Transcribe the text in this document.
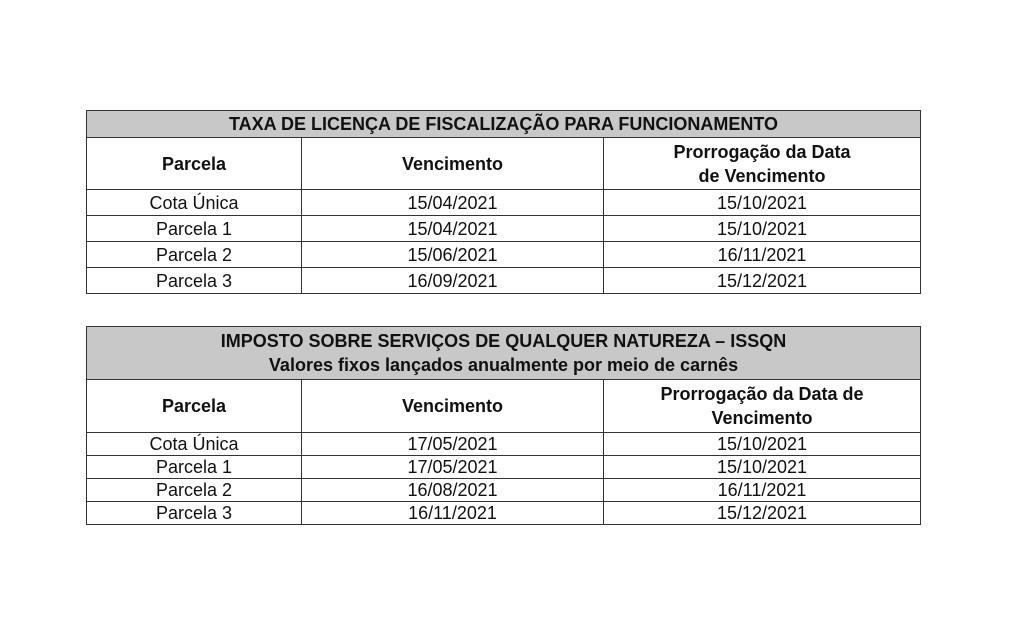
TAXA DE LICENÇA DE FISCALIZAÇÃO PARA FUNCIONAMENTO		
Parcela	Vencimento	Prorrogação da Data
de Vencimento

Cota Única	15/04/2021	15/10/2021
Parcela 1	15/04/2021	15/10/2021
Parcela 2	15/06/2021	16/11/2021
Parcela 3	16/09/2021	15/12/2021
IMPOSTO SOBRE SERVIÇOS DE QUALQUER NATUREZA – ISSQN
Valores fixos lançados anualmente por meio de carnês		

Parcela	Vencimento	Prorrogação da Data de
Vencimento

Cota Única	17/05/2021	15/10/2021
Parcela 1	17/05/2021	15/10/2021
Parcela 2	16/08/2021	16/11/2021
Parcela 3	16/11/2021	15/12/2021
